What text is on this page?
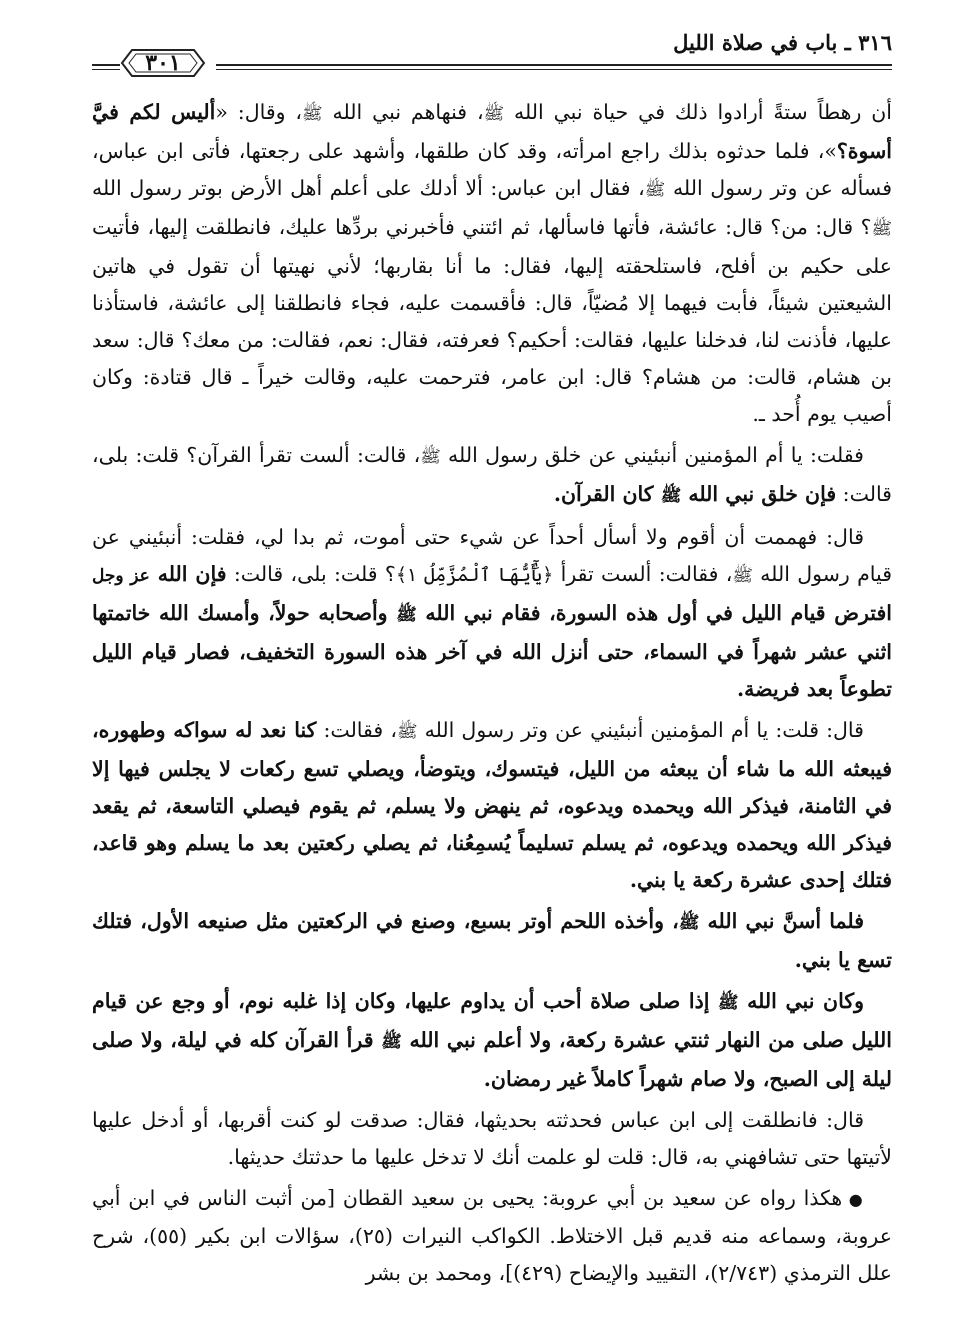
٣١٦ ـ باب في صلاة الليل
٣٠١

أن رهطاً ستةً أرادوا ذلك في حياة نبي الله ﷺ، فنهاهم نبي الله ﷺ، وقال: «أليس لكم فيَّ أسوة؟»، فلما حدثوه بذلك راجع امرأته، وقد كان طلقها، وأشهد على رجعتها، فأتى ابن عباس، فسأله عن وتر رسول الله ﷺ، فقال ابن عباس: ألا أدلك على أعلم أهل الأرض بوتر رسول الله ﷺ؟ قال: من؟ قال: عائشة، فأتها فاسألها، ثم ائتني فأخبرني بردِّها عليك، فانطلقت إليها، فأتيت على حكيم بن أفلح، فاستلحقته إليها، فقال: ما أنا بقاربها؛ لأني نهيتها أن تقول في هاتين الشيعتين شيئاً، فأبت فيهما إلا مُضيّاً، قال: فأقسمت عليه، فجاء فانطلقنا إلى عائشة، فاستأذنا عليها، فأذنت لنا، فدخلنا عليها، فقالت: أحكيم؟ فعرفته، فقال: نعم، فقالت: من معك؟ قال: سعد بن هشام، قالت: من هشام؟ قال: ابن عامر، فترحمت عليه، وقالت خيراً ـ قال قتادة: وكان أصيب يوم أُحد ـ.

فقلت: يا أم المؤمنين أنبئيني عن خلق رسول الله ﷺ، قالت: ألست تقرأ القرآن؟ قلت: بلى، قالت: فإن خلق نبي الله ﷺ كان القرآن.

قال: فهممت أن أقوم ولا أسأل أحداً عن شيء حتى أموت، ثم بدا لي، فقلت: أنبئيني عن قيام رسول الله ﷺ، فقالت: ألست تقرأ ﴿يَٰٓأَيُّهَا ٱلْمُزَّمِّلُ ١﴾؟ قلت: بلى، قالت: فإن الله عز وجل افترض قيام الليل في أول هذه السورة، فقام نبي الله ﷺ وأصحابه حولاً، وأمسك الله خاتمتها اثني عشر شهراً في السماء، حتى أنزل الله في آخر هذه السورة التخفيف، فصار قيام الليل تطوعاً بعد فريضة.

قال: قلت: يا أم المؤمنين أنبئيني عن وتر رسول الله ﷺ، فقالت: كنا نعد له سواكه وطهوره، فيبعثه الله ما شاء أن يبعثه من الليل، فيتسوك، ويتوضأ، ويصلي تسع ركعات لا يجلس فيها إلا في الثامنة، فيذكر الله ويحمده ويدعوه، ثم ينهض ولا يسلم، ثم يقوم فيصلي التاسعة، ثم يقعد فيذكر الله ويحمده ويدعوه، ثم يسلم تسليماً يُسمِعُنا، ثم يصلي ركعتين بعد ما يسلم وهو قاعد، فتلك إحدى عشرة ركعة يا بني.

فلما أسنَّ نبي الله ﷺ، وأخذه اللحم أوتر بسبع، وصنع في الركعتين مثل صنيعه الأول، فتلك تسع يا بني.

وكان نبي الله ﷺ إذا صلى صلاة أحب أن يداوم عليها، وكان إذا غلبه نوم، أو وجع عن قيام الليل صلى من النهار ثنتي عشرة ركعة، ولا أعلم نبي الله ﷺ قرأ القرآن كله في ليلة، ولا صلى ليلة إلى الصبح، ولا صام شهراً كاملاً غير رمضان.

قال: فانطلقت إلى ابن عباس فحدثته بحديثها، فقال: صدقت لو كنت أقربها، أو أدخل عليها لأتيتها حتى تشافهني به، قال: قلت لو علمت أنك لا تدخل عليها ما حدثتك حديثها.

● هكذا رواه عن سعيد بن أبي عروبة: يحيى بن سعيد القطان [من أثبت الناس في ابن أبي عروبة، وسماعه منه قديم قبل الاختلاط. الكواكب النيرات (٢٥)، سؤالات ابن بكير (٥٥)، شرح علل الترمذي (٢/٧٤٣)، التقييد والإيضاح (٤٢٩)]، ومحمد بن بشر
